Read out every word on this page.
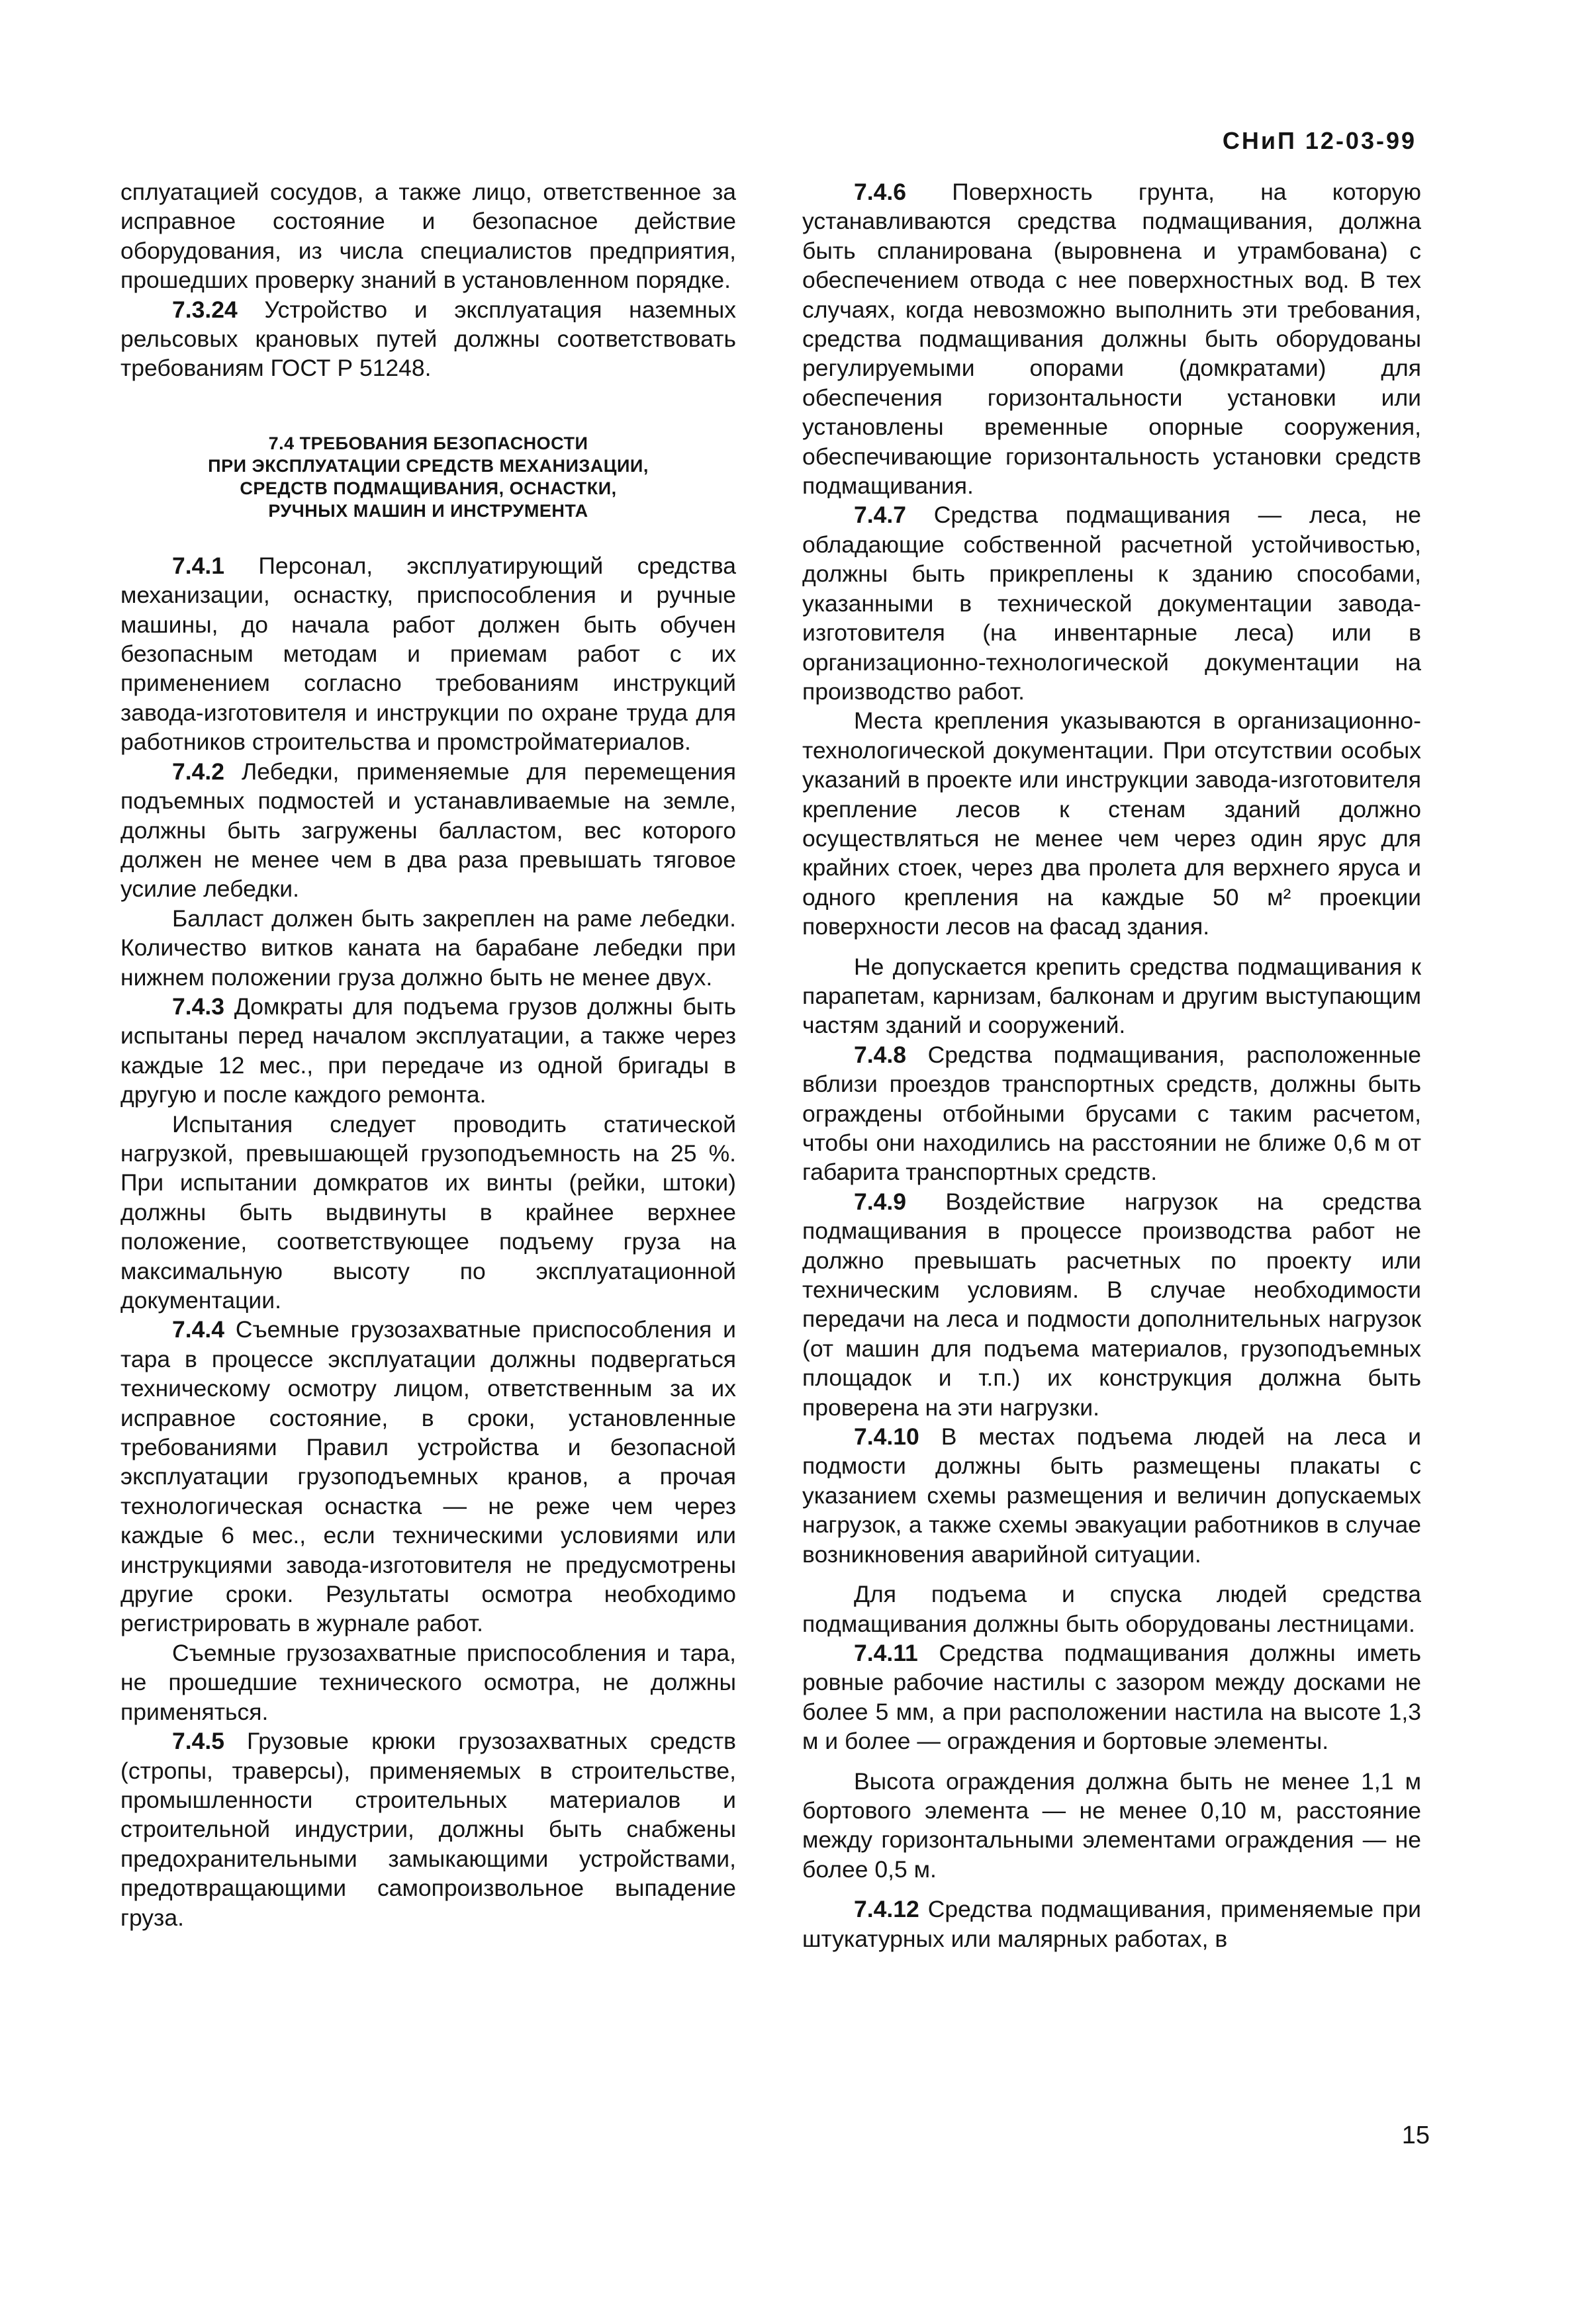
СНиП 12-03-99

сплуатацией сосудов, а также лицо, ответственное за исправное состояние и безопасное действие оборудования, из числа специалистов предприятия, прошедших проверку знаний в установленном порядке.

7.3.24 Устройство и эксплуатация наземных рельсовых крановых путей должны соответствовать требованиям ГОСТ Р 51248.

7.4 ТРЕБОВАНИЯ БЕЗОПАСНОСТИ
ПРИ ЭКСПЛУАТАЦИИ СРЕДСТВ МЕХАНИЗАЦИИ,
СРЕДСТВ ПОДМАЩИВАНИЯ, ОСНАСТКИ,
РУЧНЫХ МАШИН И ИНСТРУМЕНТА

7.4.1 Персонал, эксплуатирующий средства механизации, оснастку, приспособления и ручные машины, до начала работ должен быть обучен безопасным методам и приемам работ с их применением согласно требованиям инструкций завода-изготовителя и инструкции по охране труда для работников строительства и промстройматериалов.

7.4.2 Лебедки, применяемые для перемещения подъемных подмостей и устанавливаемые на земле, должны быть загружены балластом, вес которого должен не менее чем в два раза превышать тяговое усилие лебедки.

Балласт должен быть закреплен на раме лебедки. Количество витков каната на барабане лебедки при нижнем положении груза должно быть не менее двух.

7.4.3 Домкраты для подъема грузов должны быть испытаны перед началом эксплуатации, а также через каждые 12 мес., при передаче из одной бригады в другую и после каждого ремонта.

Испытания следует проводить статической нагрузкой, превышающей грузоподъемность на 25 %. При испытании домкратов их винты (рейки, штоки) должны быть выдвинуты в крайнее верхнее положение, соответствующее подъему груза на максимальную высоту по эксплуатационной документации.

7.4.4 Съемные грузозахватные приспособления и тара в процессе эксплуатации должны подвергаться техническому осмотру лицом, ответственным за их исправное состояние, в сроки, установленные требованиями Правил устройства и безопасной эксплуатации грузоподъемных кранов, а прочая технологическая оснастка — не реже чем через каждые 6 мес., если техническими условиями или инструкциями завода-изготовителя не предусмотрены другие сроки. Результаты осмотра необходимо регистрировать в журнале работ.

Съемные грузозахватные приспособления и тара, не прошедшие технического осмотра, не должны применяться.

7.4.5 Грузовые крюки грузозахватных средств (стропы, траверсы), применяемых в строительстве, промышленности строительных материалов и строительной индустрии, должны быть снабжены предохранительными замыкающими устройствами, предотвращающими самопроизвольное выпадение груза.

7.4.6 Поверхность грунта, на которую устанавливаются средства подмащивания, должна быть спланирована (выровнена и утрамбована) с обеспечением отвода с нее поверхностных вод. В тех случаях, когда невозможно выполнить эти требования, средства подмащивания должны быть оборудованы регулируемыми опорами (домкратами) для обеспечения горизонтальности установки или установлены временные опорные сооружения, обеспечивающие горизонтальность установки средств подмащивания.

7.4.7 Средства подмащивания — леса, не обладающие собственной расчетной устойчивостью, должны быть прикреплены к зданию способами, указанными в технической документации завода-изготовителя (на инвентарные леса) или в организационно-технологической документации на производство работ.

Места крепления указываются в организационно-технологической документации. При отсутствии особых указаний в проекте или инструкции завода-изготовителя крепление лесов к стенам зданий должно осуществляться не менее чем через один ярус для крайних стоек, через два пролета для верхнего яруса и одного крепления на каждые 50 м² проекции поверхности лесов на фасад здания.

Не допускается крепить средства подмащивания к парапетам, карнизам, балконам и другим выступающим частям зданий и сооружений.

7.4.8 Средства подмащивания, расположенные вблизи проездов транспортных средств, должны быть ограждены отбойными брусами с таким расчетом, чтобы они находились на расстоянии не ближе 0,6 м от габарита транспортных средств.

7.4.9 Воздействие нагрузок на средства подмащивания в процессе производства работ не должно превышать расчетных по проекту или техническим условиям. В случае необходимости передачи на леса и подмости дополнительных нагрузок (от машин для подъема материалов, грузоподъемных площадок и т.п.) их конструкция должна быть проверена на эти нагрузки.

7.4.10 В местах подъема людей на леса и подмости должны быть размещены плакаты с указанием схемы размещения и величин допускаемых нагрузок, а также схемы эвакуации работников в случае возникновения аварийной ситуации.

Для подъема и спуска людей средства подмащивания должны быть оборудованы лестницами.

7.4.11 Средства подмащивания должны иметь ровные рабочие настилы с зазором между досками не более 5 мм, а при расположении настила на высоте 1,3 м и более — ограждения и бортовые элементы.

Высота ограждения должна быть не менее 1,1 м бортового элемента — не менее 0,10 м, расстояние между горизонтальными элементами ограждения — не более 0,5 м.

7.4.12 Средства подмащивания, применяемые при штукатурных или малярных работах, в

15
